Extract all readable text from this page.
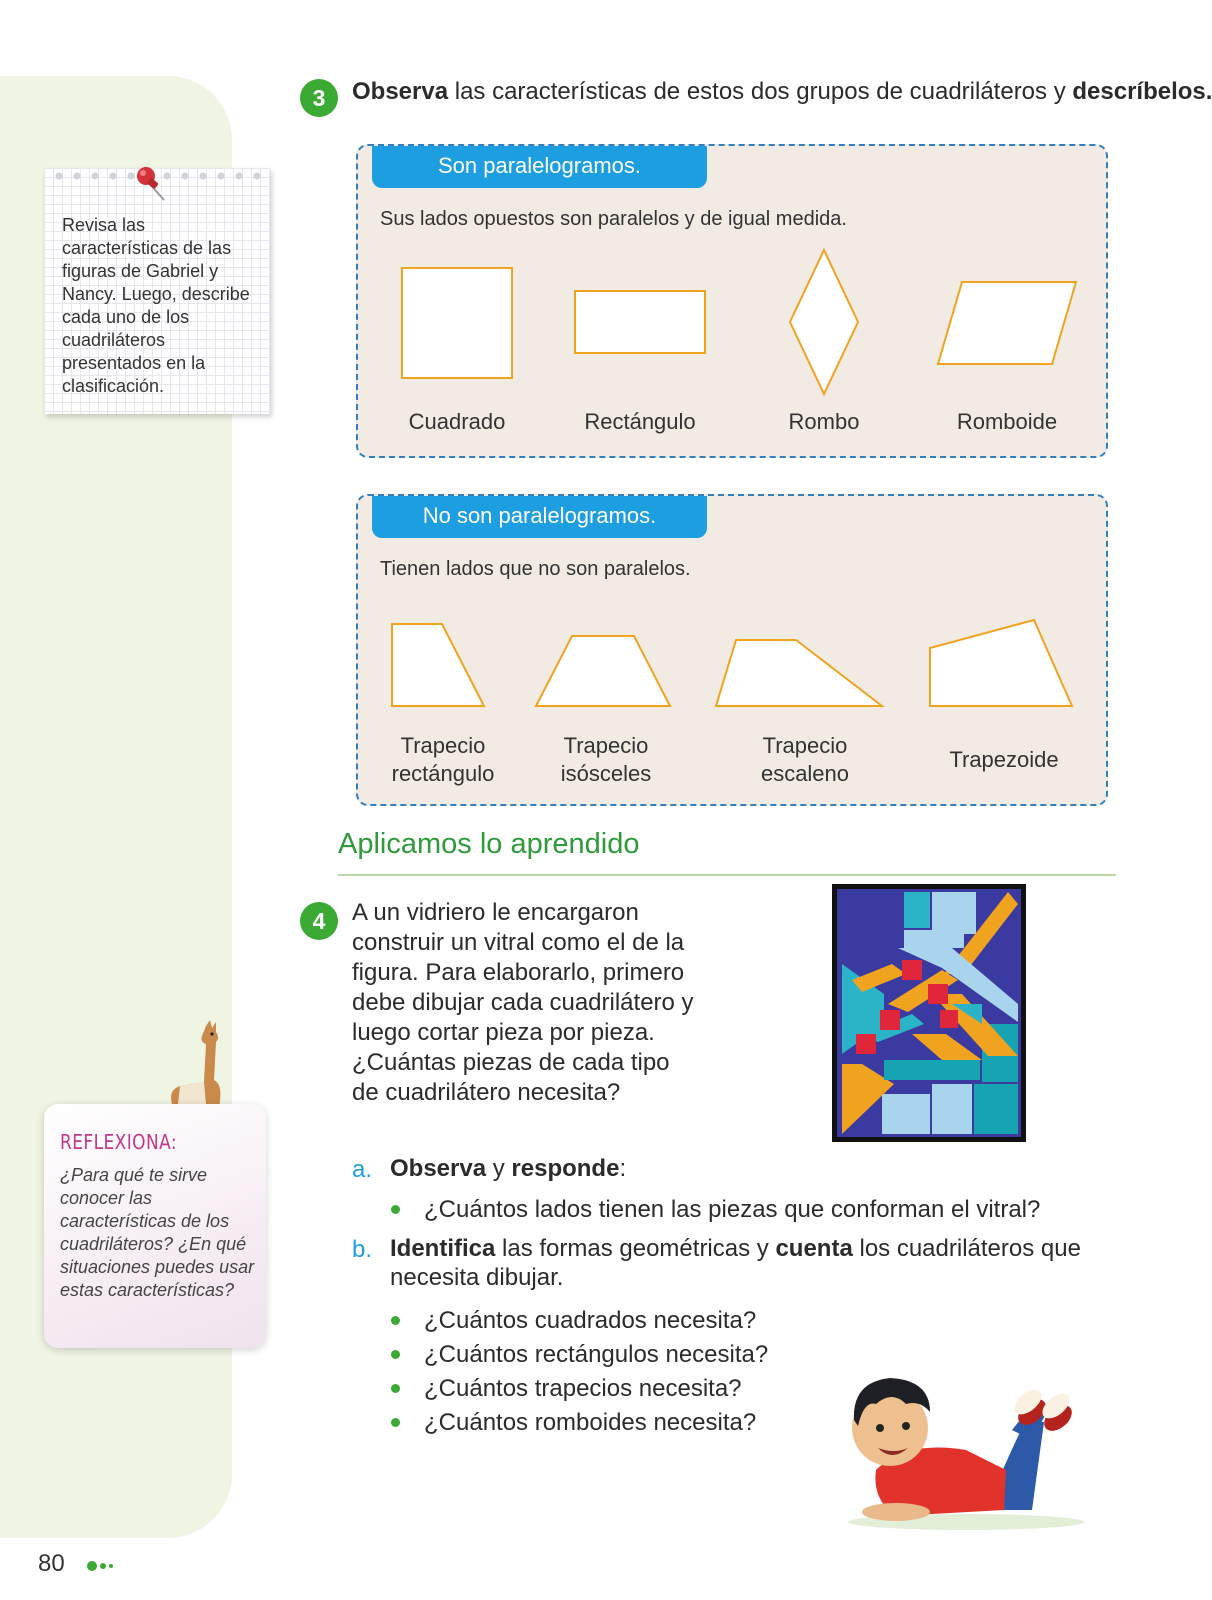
Revisa las características de las figuras de Gabriel y Nancy. Luego, describe cada uno de los cuadriláteros presentados en la clasificación.
REFLEXIONA:
¿Para qué te sirve conocer las características de los cuadriláteros? ¿En qué situaciones puedes usar estas características?
3	Observa las características de estos dos grupos de cuadriláteros y descríbelos.
Son paralelogramos.
Sus lados opuestos son paralelos y de igual medida.
Cuadrado	Rectángulo	Rombo	Romboide
No son paralelogramos.
Tienen lados que no son paralelos.
Trapecio rectángulo
Trapecio isósceles
Trapecio escaleno
Trapezoide
Aplicamos lo aprendido
4	A un vidriero le encargaron construir un vitral como el de la figura. Para elaborarlo, primero debe dibujar cada cuadrilátero y luego cortar pieza por pieza. ¿Cuántas piezas de cada tipo de cuadrilátero necesita?
a. Observa y responde:
¿Cuántos lados tienen las piezas que conforman el vitral?
b. Identifica las formas geométricas y cuenta los cuadriláteros que necesita dibujar.
¿Cuántos cuadrados necesita?
¿Cuántos rectángulos necesita?
¿Cuántos trapecios necesita?
¿Cuántos romboides necesita?
80
